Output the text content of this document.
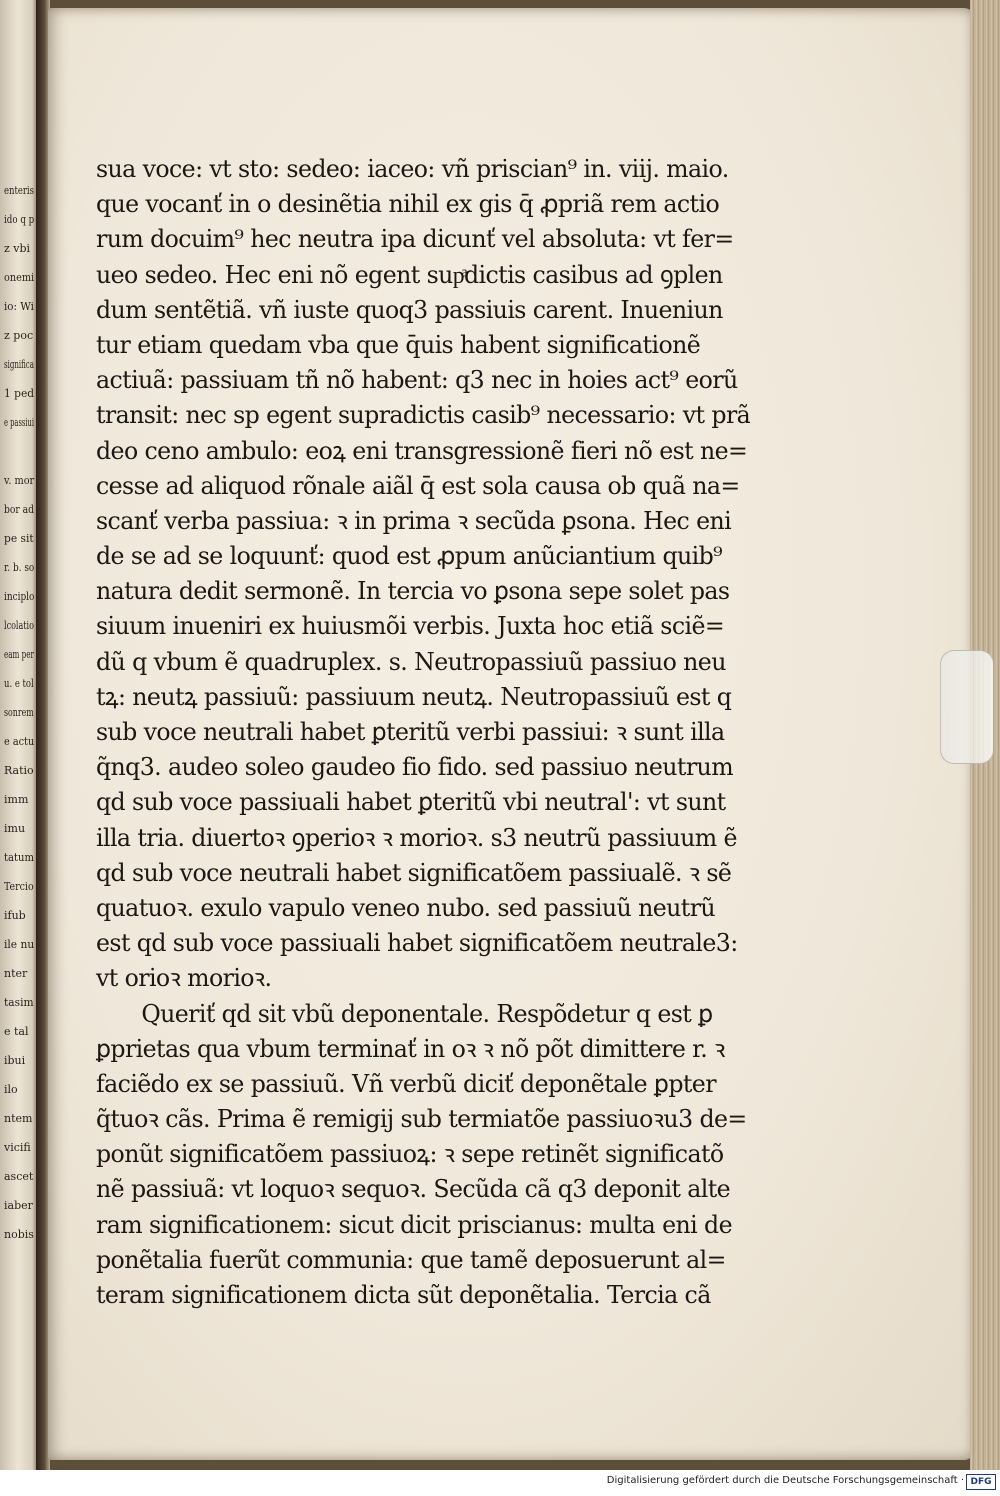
enteris
ido q p
z vbi
onemi
io: Wi
z poc
significa
1 ped
e passiui
v. mor
bor ad
pe sit
r. b. so
inciplo
lcolatio
eam per
u. e tol
sonrem
e actu
Ratio
imm
imu
tatum
Tercio
ifub
ile nu
nter
tasim
e tal
ibui
ilo
ntem
vicifi
ascet
iaber
nobis
sua voce: vt sto: sedeo: iaceo: vñ priscian⁹ in. viij. maio.
que vocanť in o desinẽtia nihil ex gis q̄ ꝓpriã rem actio
rum docuim⁹ hec neutra ipa dicunť vel absoluta: vt fer=
ueo sedeo. Hec eni nõ egent supͣdictis casibus ad ꝯplen
dum sentẽtiã. vñ iuste quoq3 passiuis carent. Inueniun
tur etiam quedam vba que q̄uis habent significationẽ
actiuã: passiuam tñ nõ habent: q3 nec in hoies act⁹ eorũ
transit: nec sp egent supradictis casib⁹ necessario: vt prã
deo ceno ambulo: eoꝝ eni transgressionẽ fieri nõ est ne=
cesse ad aliquod rõnale aiãl q̄ est sola causa ob quã na=
scanť verba passiua: ꝛ in prima ꝛ secũda ꝑsona. Hec eni
de se ad se loquunť: quod est ꝓpum anũciantium quib⁹
natura dedit sermonẽ. In tercia vo ꝑsona sepe solet pas
siuum inueniri ex huiusmõi verbis. Juxta hoc etiã sciẽ=
dũ q vbum ẽ quadruplex. s. Neutropassiuũ passiuo neu
tꝝ: neutꝝ passiuũ: passiuum neutꝝ. Neutropassiuũ est q
sub voce neutrali habet ꝑteritũ verbi passiui: ꝛ sunt illa
q̃nq3. audeo soleo gaudeo fio fido. sed passiuo neutrum
qd sub voce passiuali habet ꝑteritũ vbi neutral': vt sunt
illa tria. diuertoꝛ ꝯperioꝛ ꝛ morioꝛ. s3 neutrũ passiuum ẽ
qd sub voce neutrali habet significatõem passiualẽ. ꝛ sẽ
quatuoꝛ. exulo vapulo veneo nubo. sed passiuũ neutrũ
est qd sub voce passiuali habet significatõem neutrale3:
vt orioꝛ morioꝛ.
Queriť qd sit vbũ deponentale. Respõdetur q est ꝑ
ꝑprietas qua vbum terminať in oꝛ ꝛ nõ põt dimittere r. ꝛ
faciẽdo ex se passiuũ. Vñ verbũ diciť deponẽtale ꝑpter
q̃tuoꝛ cãs. Prima ẽ remigij sub termiatõe passiuoꝛu3 de=
ponũt significatõem passiuoꝝ: ꝛ sepe retinẽt significatõ
nẽ passiuã: vt loquoꝛ sequoꝛ. Secũda cã q3 deponit alte
ram significationem: sicut dicit priscianus: multa eni de
ponẽtalia fuerũt communia: que tamẽ deposuerunt al=
teram significationem dicta sũt deponẽtalia. Tercia cã
Digitalisierung gefördert durch die Deutsche Forschungsgemeinschaft · DFG
